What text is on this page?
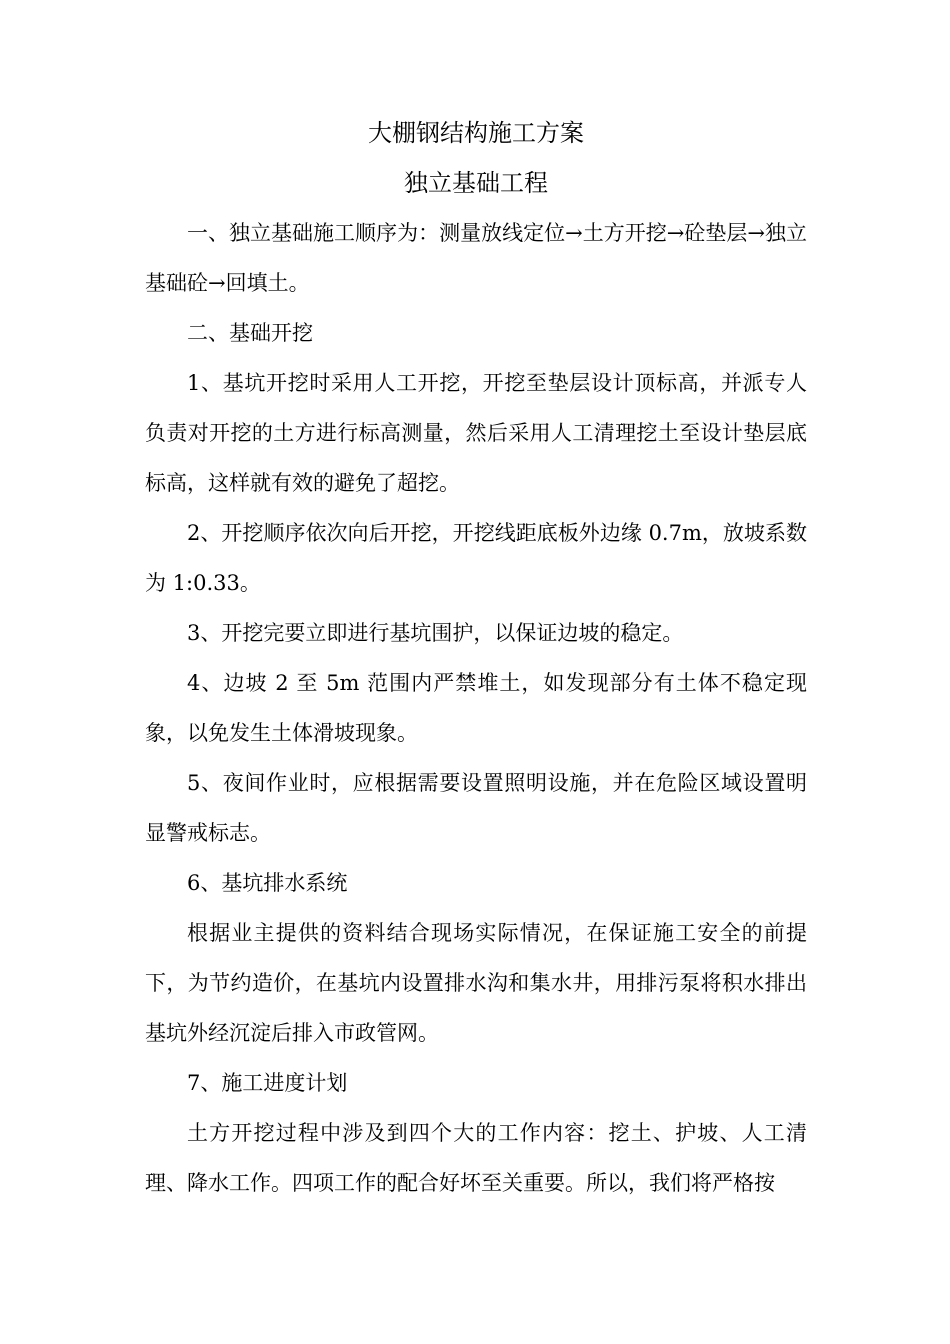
大棚钢结构施工方案
独立基础工程

一、独立基础施工顺序为：测量放线定位→土方开挖→砼垫层→独立基础砼→回填土。

二、基础开挖

1、基坑开挖时采用人工开挖，开挖至垫层设计顶标高，并派专人负责对开挖的土方进行标高测量，然后采用人工清理挖土至设计垫层底标高，这样就有效的避免了超挖。

2、开挖顺序依次向后开挖，开挖线距底板外边缘 0.7m，放坡系数为 1:0.33。

3、开挖完要立即进行基坑围护，以保证边坡的稳定。

4、边坡 2 至 5m 范围内严禁堆土，如发现部分有土体不稳定现象，以免发生土体滑坡现象。

5、夜间作业时，应根据需要设置照明设施，并在危险区域设置明显警戒标志。

6、基坑排水系统

根据业主提供的资料结合现场实际情况，在保证施工安全的前提下，为节约造价，在基坑内设置排水沟和集水井，用排污泵将积水排出基坑外经沉淀后排入市政管网。

7、施工进度计划

土方开挖过程中涉及到四个大的工作内容：挖土、护坡、人工清理、降水工作。四项工作的配合好坏至关重要。所以，我们将严格按
